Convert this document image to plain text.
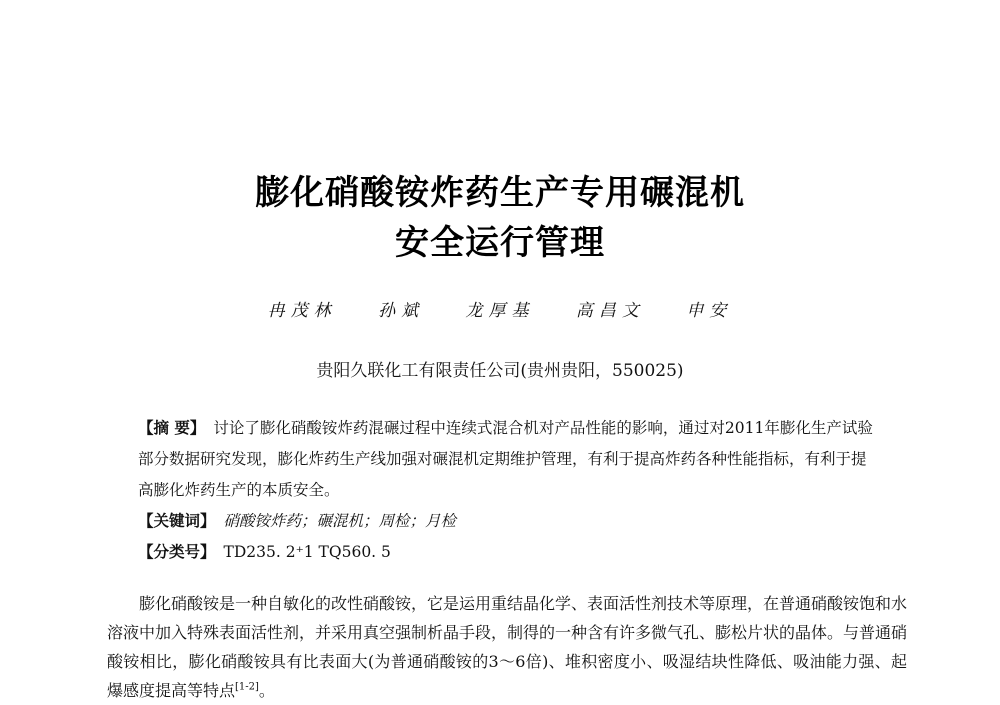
膨化硝酸铵炸药生产专用碾混机
安全运行管理
冉茂林 孙斌 龙厚基 高昌文 申安
贵阳久联化工有限责任公司(贵州贵阳，550025)

【摘 要】 讨论了膨化硝酸铵炸药混碾过程中连续式混合机对产品性能的影响，通过对2011年膨化生产试验部分数据研究发现，膨化炸药生产线加强对碾混机定期维护管理，有利于提高炸药各种性能指标，有利于提高膨化炸药生产的本质安全。

【关键词】 硝酸铵炸药；碾混机；周检；月检

【分类号】 TD235. 2⁺1 TQ560. 5

膨化硝酸铵是一种自敏化的改性硝酸铵，它是运用重结晶化学、表面活性剂技术等原理，在普通硝酸铵饱和水溶液中加入特殊表面活性剂，并采用真空强制析晶手段，制得的一种含有许多微气孔、膨松片状的晶体。与普通硝酸铵相比，膨化硝酸铵具有比表面大(为普通硝酸铵的3～6倍)、堆积密度小、吸湿结块性降低、吸油能力强、起爆感度提高等特点[1-2]。
